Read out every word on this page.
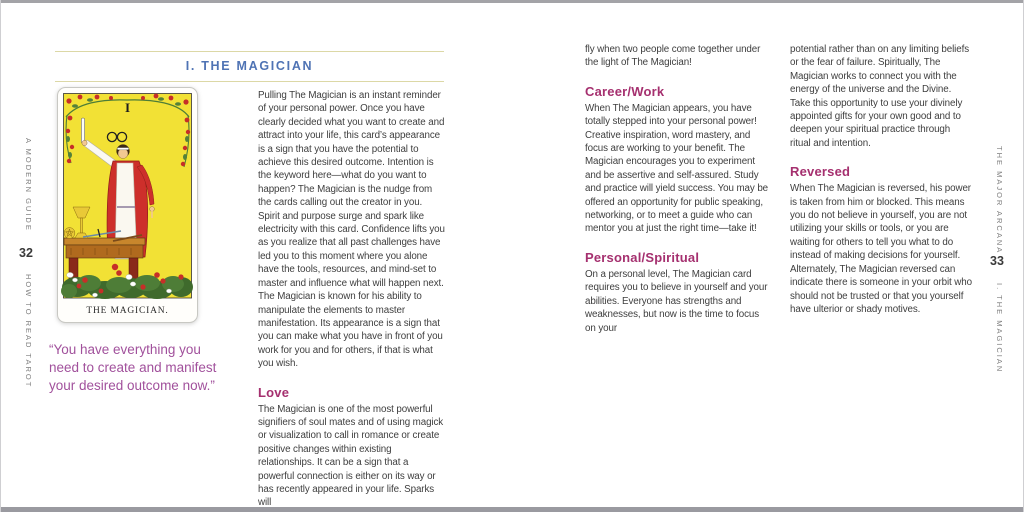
A MODERN GUIDE
32
HOW TO READ TAROT
I. THE MAGICIAN
I
THE MAGICIAN.
“You have everything you need to create and manifest your desired outcome now.”

Pulling The Magician is an instant reminder of your personal power. Once you have clearly decided what you want to create and attract into your life, this card’s appearance is a sign that you have the potential to achieve this desired outcome. Intention is the keyword here—what do you want to happen? The Magician is the nudge from the cards calling out the creator in you. Spirit and purpose surge and spark like electricity with this card. Confidence lifts you as you realize that all past challenges have led you to this moment where you alone have the tools, resources, and mind-set to master and influence what will happen next. The Magician is known for his ability to manipulate the elements to master manifestation. Its appearance is a sign that you can make what you have in front of you work for you and for others, if that is what you wish.

Love

The Magician is one of the most powerful signifiers of soul mates and of using magick or visualization to call in romance or create positive changes within existing relationships. It can be a sign that a powerful connection is either on its way or has recently appeared in your life. Sparks will

fly when two people come together under the light of The Magician!

Career/Work

When The Magician appears, you have totally stepped into your personal power! Creative inspiration, word mastery, and focus are working to your benefit. The Magician encourages you to experiment and be assertive and self-assured. Study and practice will yield success. You may be offered an opportunity for public speaking, networking, or to meet a guide who can mentor you at just the right time—take it!

Personal/Spiritual

On a personal level, The Magician card requires you to believe in yourself and your abilities. Everyone has strengths and weaknesses, but now is the time to focus on your

potential rather than on any limiting beliefs or the fear of failure. Spiritually, The Magician works to connect you with the energy of the universe and the Divine. Take this opportunity to use your divinely appointed gifts for your own good and to deepen your spiritual practice through ritual and intention.

Reversed

When The Magician is reversed, his power is taken from him or blocked. This means you do not believe in yourself, you are not utilizing your skills or tools, or you are waiting for others to tell you what to do instead of making decisions for yourself. Alternately, The Magician reversed can indicate there is someone in your orbit who should not be trusted or that you yourself have ulterior or shady motives.

THE MAJOR ARCANA
33
I. THE MAGICIAN
